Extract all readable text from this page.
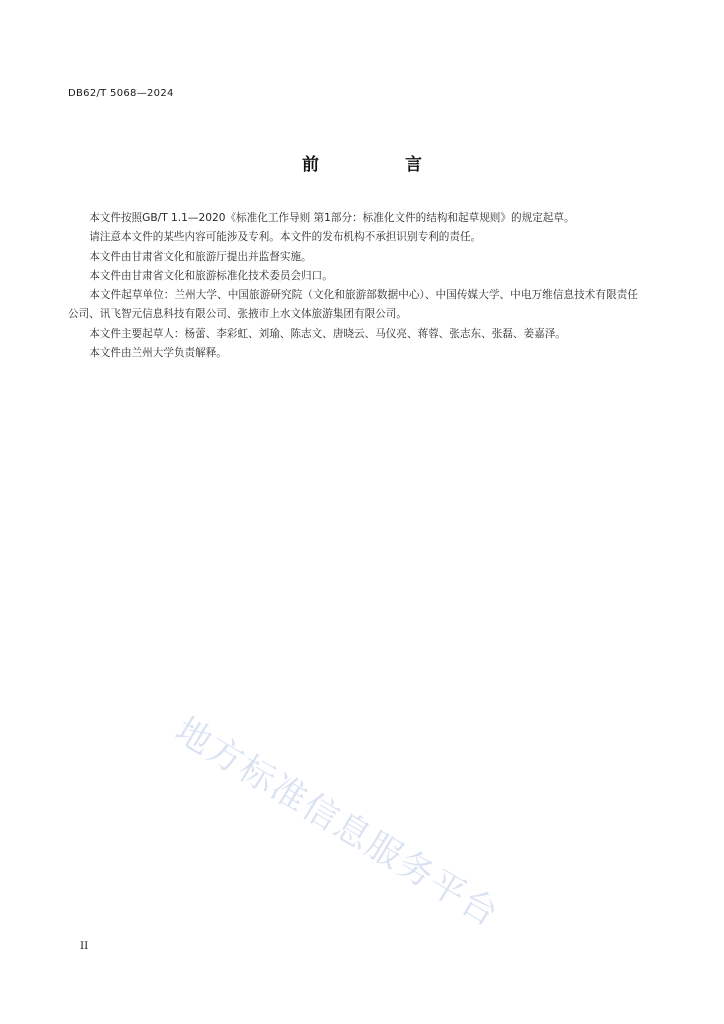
DB62/T 5068—2024
前 言

本文件按照GB/T 1.1—2020《标准化工作导则 第1部分：标准化文件的结构和起草规则》的规定起草。

请注意本文件的某些内容可能涉及专利。本文件的发布机构不承担识别专利的责任。

本文件由甘肃省文化和旅游厅提出并监督实施。

本文件由甘肃省文化和旅游标准化技术委员会归口。

本文件起草单位：兰州大学、中国旅游研究院（文化和旅游部数据中心）、中国传媒大学、中电万维信息技术有限责任公司、讯飞智元信息科技有限公司、张掖市上水文体旅游集团有限公司。

本文件主要起草人：杨蕾、李彩虹、刘瑜、陈志文、唐晓云、马仪亮、蒋蓉、张志东、张磊、姜嘉泽。

本文件由兰州大学负责解释。

地方标准信息服务平台
II
